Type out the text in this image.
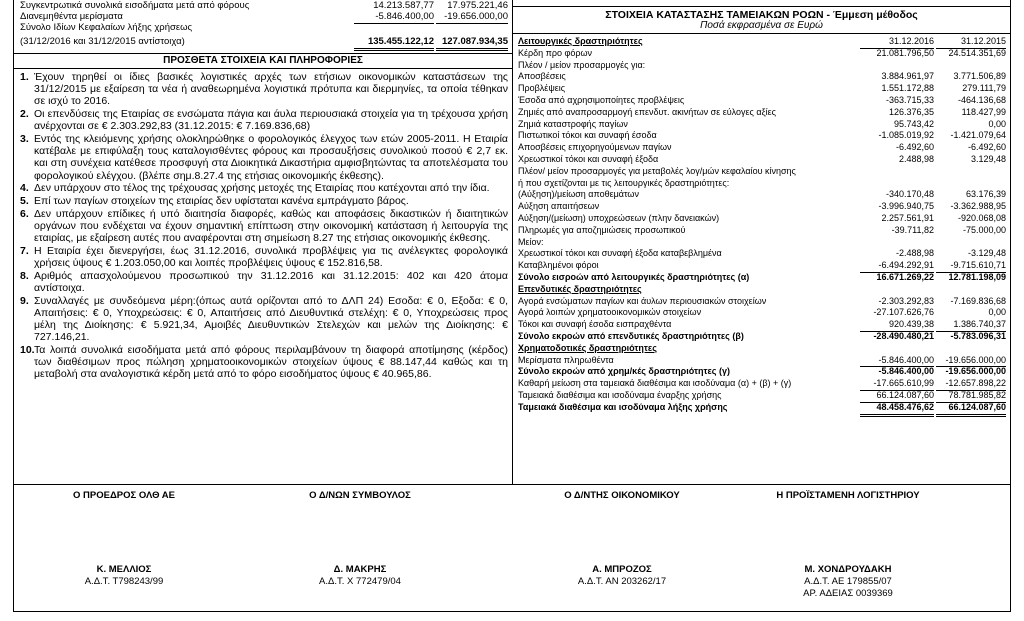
Συγκεντρωτικά συνολικά εισοδήματα μετά από φόρους	14.213.587,77	17.975.221,46
Διανεμηθέντα μερίσματα	-5.846.400,00	-19.656.000,00
Σύνολο Ιδίων Κεφαλαίων λήξης χρήσεως
(31/12/2016 και 31/12/2015 αντίστοιχα)	135.455.122,12 127.087.934,35
ΠΡΟΣΘΕΤΑ ΣΤΟΙΧΕΙΑ ΚΑΙ ΠΛΗΡΟΦΟΡΙΕΣ
1. Έχουν τηρηθεί οι ίδιες βασικές λογιστικές αρχές των ετήσιων οικονομικών καταστάσεων της 31/12/2015 με εξαίρεση τα νέα ή αναθεωρημένα λογιστικά πρότυπα και διερμηνίες, τα οποία τέθηκαν σε ισχύ το 2016.
2. Οι επενδύσεις της Εταιρίας σε ενσώματα πάγια και άυλα περιουσιακά στοιχεία για τη τρέχουσα χρήση ανέρχονται σε € 2.303.292,83 (31.12.2015: € 7.169.836,68)
3. Εντός της κλειόμενης χρήσης ολοκληρώθηκε ο φορολογικός έλεγχος των ετών 2005-2011. Η Εταιρία κατέβαλε με επιφύλαξη τους καταλογισθέντες φόρους και προσαυξήσεις συνολικού ποσού € 2,7 εκ. και στη συνέχεια κατέθεσε προσφυγή στα Διοικητικά Δικαστήρια αμφισβητώντας τα αποτελέσματα του φορολογικού ελέγχου. (βλέπε σημ.8.27.4 της ετήσιας οικονομικής έκθεσης).
4. Δεν υπάρχουν στο τέλος της τρέχουσας χρήσης μετοχές της Εταιρίας που κατέχονται από την ίδια.
5. Επί των παγίων στοιχείων της εταιρίας δεν υφίσταται κανένα εμπράγματο βάρος.
6. Δεν υπάρχουν επίδικες ή υπό διαιτησία διαφορές, καθώς και αποφάσεις δικαστικών ή διαιτητικών οργάνων που ενδέχεται να έχουν σημαντική επίπτωση στην οικονομική κατάσταση ή λειτουργία της εταιρίας, με εξαίρεση αυτές που αναφέρονται στη σημείωση 8.27 της ετήσιας οικονομικής έκθεσης.
7. Η Εταιρία έχει διενεργήσει, έως 31.12.2016, συνολικά προβλέψεις για τις ανέλεγκτες φορολογικά χρήσεις ύψους € 1.203.050,00 και λοιπές προβλέψεις ύψους € 152.816,58.
8. Αριθμός απασχολούμενου προσωπικού την 31.12.2016 και 31.12.2015: 402 και 420 άτομα αντίστοιχα.
9. Συναλλαγές με συνδεόμενα μέρη:(όπως αυτά ορίζονται από το ΔΛΠ 24) Εσοδα: € 0, Εξοδα: € 0, Απαιτήσεις: € 0, Υποχρεώσεις: € 0, Απαιτήσεις από Διευθυντικά στελέχη: € 0, Υποχρεώσεις προς μέλη της Διοίκησης: € 5.921,34, Αμοιβές Διευθυντικών Στελεχών και μελών της Διοίκησης: € 727.146,21.
10. Τα λοιπά συνολικά εισοδήματα μετά από φόρους περιλαμβάνουν τη διαφορά αποτίμησης (κέρδος) των διαθέσιμων προς πώληση χρηματοοικονομικών στοιχείων ύψους € 88.147,44 καθώς και τη μεταβολή στα αναλογιστικά κέρδη μετά από το φόρο εισοδήματος ύψους € 40.965,86.
ΣΤΟΙΧΕΙΑ ΚΑΤΑΣΤΑΣΗΣ ΤΑΜΕΙΑΚΩΝ ΡΟΩΝ - Έμμεση μέθοδος
Ποσά εκφρασμένα σε Ευρώ
Λειτουργικές δραστηριότητες	31.12.2016	31.12.2015
Κέρδη προ φόρων	21.081.796,50	24.514.351,69
Πλέον / μείον προσαρμογές για:
Αποσβέσεις	3.884.961,97	3.771.506,89
Προβλέψεις	1.551.172,88	279.111,79
Έσοδα από αχρησιμοποίητες προβλέψεις	-363.715,33	-464.136,68
Ζημιές από αναπροσαρμογή επενδυτ. ακινήτων σε εύλογες αξίες	126.376,35	118.427,99
Ζημιά καταστροφής παγίων	95.743,42	0,00
Πιστωτικοί τόκοι και συναφή έσοδα	-1.085.019,92	-1.421.079,64
Αποσβέσεις επιχορηγούμενων παγίων	-6.492,60	-6.492,60
Χρεωστικοί τόκοι και συναφή έξοδα	2.488,98	3.129,48
Πλέον/ μείον προσαρμογές για μεταβολές λογ/μών κεφαλαίου κίνησης
ή που σχετίζονται με τις λειτουργικές δραστηριότητες:
(Αύξηση)/μείωση αποθεμάτων	-340.170,48	63.176,39
Αύξηση απαιτήσεων	-3.996.940,75	-3.362.988,95
Αύξηση/(μείωση) υποχρεώσεων (πλην δανειακών)	2.257.561,91	-920.068,08
Πληρωμές για αποζημιώσεις προσωπικού	-39.711,82	-75.000,00
Μείον:
Χρεωστικοί τόκοι και συναφή έξοδα καταβεβλημένα	-2.488,98	-3.129,48
Καταβλημένοι φόροι	-6.494.292,91	-9.715.610,71
Σύνολο εισροών από λειτουργικές δραστηριότητες (α)	16.671.269,22	12.781.198,09
Επενδυτικές δραστηριότητες
Αγορά ενσώματων παγίων και άυλων περιουσιακών στοιχείων	-2.303.292,83	-7.169.836,68
Αγορά λοιπών χρηματοοικονομικών στοιχείων	-27.107.626,76	0,00
Τόκοι και συναφή έσοδα εισπραχθέντα	920.439,38	1.386.740,37
Σύνολο εκροών από επενδυτικές δραστηριότητες (β)	-28.490.480,21	-5.783.096,31
Χρηματοδοτικές δραστηριότητες
Μερίσματα πληρωθέντα	-5.846.400,00	-19.656.000,00
Σύνολο εκροών από χρημ/κές δραστηριότητες (γ)	-5.846.400,00	-19.656.000,00
Καθαρή μείωση στα ταμειακά διαθέσιμα και ισοδύναμα (α) + (β) + (γ)	-17.665.610,99	-12.657.898,22
Ταμειακά διαθέσιμα και ισοδύναμα έναρξης χρήσης	66.124.087,60	78.781.985,82
Ταμειακά διαθέσιμα και ισοδύναμα λήξης χρήσης	48.458.476,62	66.124.087,60
Ο ΠΡΟΕΔΡΟΣ ΟΛΘ ΑΕ
Κ. ΜΕΛΛΙΟΣ
Α.Δ.Τ. Τ798243/99
Ο Δ/ΝΩΝ ΣΥΜΒΟΥΛΟΣ
Δ. ΜΑΚΡΗΣ
Α.Δ.Τ. Χ 772479/04
Ο Δ/ΝΤΗΣ ΟΙΚΟΝΟΜΙΚΟΥ
Α. ΜΠΡΟΖΟΣ
Α.Δ.Τ. ΑΝ 203262/17
Η ΠΡΟΪΣΤΑΜΕΝΗ ΛΟΓΙΣΤΗΡΙΟΥ
Μ. ΧΟΝΔΡΟΥΔΑΚΗ
Α.Δ.Τ. ΑΕ 179855/07
ΑΡ. ΑΔΕΙΑΣ 0039369
